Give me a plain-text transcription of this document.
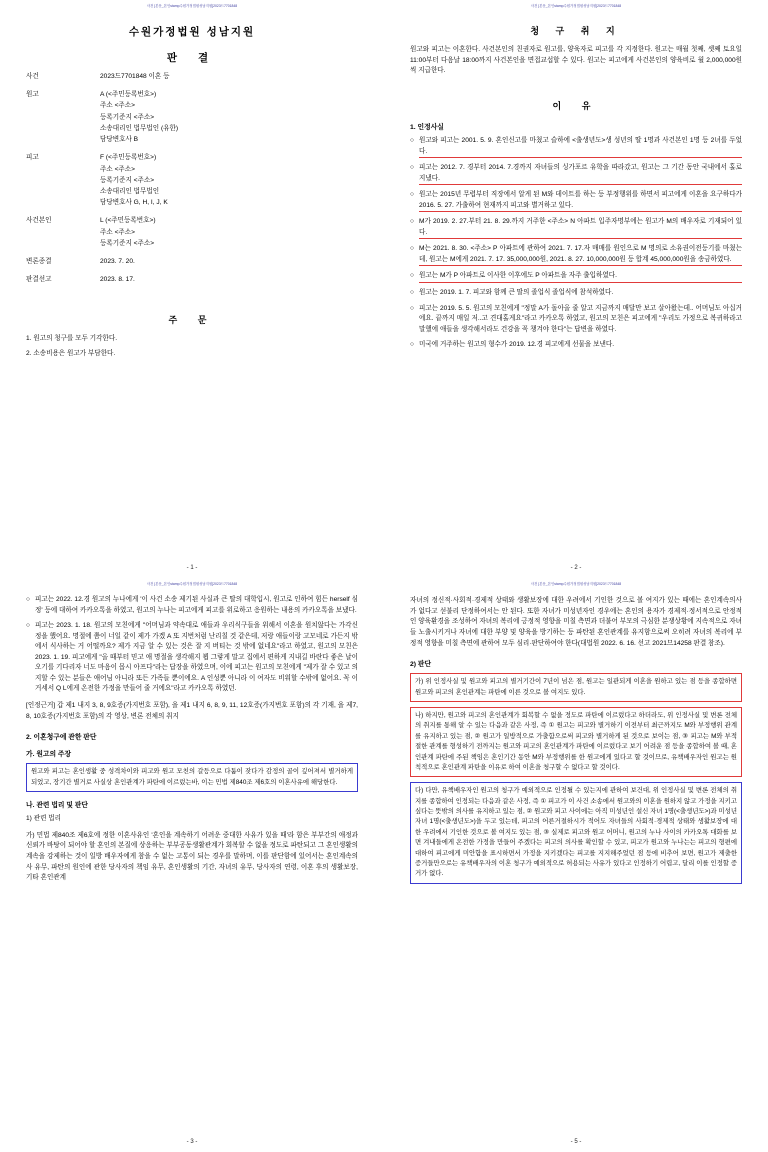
사건 [본문_본인stamp수원가정법원성남지원]2023드7701848
수원가정법원 성남지원
판 결
사건	2023드7701848 이혼 등
원고	A (<주민등록번호>)
주소 <주소>
등록기준지 <주소>
소송대리인 법무법인 (유한)
담당변호사 B
피고	F (<주민등록번호>)
주소 <주소>
등록기준지 <주소>
소송대리인 법무법인
담당변호사 G, H, I, J, K
사건본인	L (<주민등록번호>)
주소 <주소>
등록기준지 <주소>
변론종결	2023. 7. 20.
판결선고	2023. 8. 17.
주 문
1. 원고의 청구를 모두 기각한다.
2. 소송비용은 원고가 부담한다.
- 1 -
사건 [본문_본인stamp수원가정법원성남지원]2023드7701848
청 구 취 지
원고와 피고는 이혼한다. 사건본인의 친권자로 원고를, 양육자로 피고를 각 지정한다. 원고는 매월 첫째, 셋째 토요일 11:00부터 다음날 18:00까지 사건본인을 면접교섭할 수 있다. 원고는 피고에게 사건본인의 양육비로 월 2,000,000원씩 지급한다.
이 유
1. 인정사실
○ 원고와 피고는 2001. 5. 9. 혼인신고를 마쳤고 슬하에 <출생년도>생 성년의 딸 1명과 사건본인 1명 등 2녀를 두었다.
○ 피고는 2012. 7. 경부터 2014. 7.경까지 자녀들의 싱가포르 유학을 따라갔고, 원고는 그 기간 동안 국내에서 홀로 지냈다.
○ 원고는 2015년 무렵부터 직장에서 알게 된 M와 데이트를 하는 등 부정행위를 하면서 피고에게 이혼을 요구하다가 2016. 5. 27. 가출하여 현재까지 피고와 별거하고 있다.
○ M가 2019. 2. 27.부터 21. 8. 29.까지 거주한 <주소> N 아파트 입주자명부에는 원고가 M의 배우자로 기재되어 있다.
○ M는 2021. 8. 30. <주소> P 아파트에 관하여 2021. 7. 17.자 매매를 원인으로 M 명의로 소유권이전등기를 마쳤는데, 원고는 M에게 2021. 7. 17. 35,000,000원, 2021. 8. 27. 10,000,000원 등 합계 45,000,000원을 송금하였다.
○ 원고는 M가 P 아파트로 이사한 이후에도 P 아파트을 자주 출입하였다.
○ 원고는 2019. 1. 7. 피고와 함께 큰 딸의 졸업식 졸업식에 참석하였다.
○ 피고는 2019. 5. 5. 원고의 모친에게 "정말 A가 돌아올 줄 알고 지금까지 매달만 보고 살아왔는데.. 어머님도 아십거에요. 끝까지 매일 저..고 견대홀게요"라고 카카오톡 하였고, 원고의 모친은 피고에게 "우리도 가정으로 복귀하라고 말했에 애들을 생각해서라도 건강을 꼭 챙겨야 한다"는 답변을 하였다.
○ 미국에 거주하는 원고의 형수가 2019. 12.경 피고에게 선물을 보낸다.
- 2 -
사건 [본문_본인stamp수원가정법원성남지원]2023드7701848
○ 피고는 2022. 12.경 원고의 누나에게 '이 사건 소송 제기된 사실과 큰 딸의 대학입시, 원고로 인하여 힘든 herself 심정' 등에 대하여 카카오톡을 하였고, 원고의 누나는 피고에게 피고를 위로하고 응원하는 내용의 카카오톡을 보냈다.
○ 피고는 2023. 1. 18. 원고의 모친에게 "어머님과 약속대로 애들과 우리식구들을 위해서 이혼을 원치않다는 가각신정을 했어요. 명절에 쯤이 너일 같이 제가 가겠 A 또 지번처럼 난리칠 것 같은데, 저랑 애들이랑 고모네로 가든지 밖에서 식사하는 거 어떨까요? 제가 지금 알 수 있는 것은 잘 지 버티는 것 밖에 없네요"라고 하였고, 원고의 모친은 2023. 1. 19. 피고에게 "올 때부터 믿고 애 명절을 생각해지 뵙 그랗게 말고 집에서 편하게 지내길 바란다 좋은 날이 오기를 기다리자 너도 마음이 몹시 아프다"라는 답장을 하였으며, 이에 피고는 원고의 모친에게 "제가 잘 수 있고 의지할 수 있는 분들은 애어님 아니라 또든 가족들 뿐이에요. A 인성뿐 아니라 이 여자도 비워할 수밖에 없어요. 꼭 이거세서 Q L에게 온전한 가정을 만들어 줄 거에요"라고 카카오톡 하였던.
[인정근거] 갑 제1 내지 3, 8, 9호증(가지번호 포함), 을 제1 내지 6, 8, 9, 11, 12호증(가지번호 포함)의 각 기재, 을 제7, 8, 10호증(가지번호 포함)의 각 영상, 변론 전체의 취지
2. 이혼청구에 관한 판단
가. 원고의 주장
원고와 피고는 혼인생활 중 성격차이와 피고와 원고 모친의 갈등으로 다툼이 잦다가 감정의 골이 깊어져서 별거하게 되었고, 장기간 별거로 사실상 혼인관계가 파탄에 이르렀는바, 이는 민법 제840조 제6호의 이혼사유에 해당한다.
나. 관련 법리 및 판단
1) 관련 법리
가) 민법 제840조 제6호에 정한 이혼사유인 '혼인을 계속하기 어려운 중대한 사유가 있을 때'라 함은 부부간의 애정과 신뢰가 바탕이 되어야 할 혼인의 본질에 상응하는 부부공동생활관계가 회복할 수 없을 정도로 파탄되고 그 혼인생활의 계속을 강제하는 것이 일방 배우자에게 참을 수 없는 고통이 되는 경우를 말하며, 이를 판단함에 있어서는 혼인계속의사 유무, 파탄의 원인에 관한 당사자의 책임 유무, 혼인생활의 기간, 자녀의 유무, 당사자의 연령, 이혼 후의 생활보장, 기타 혼인관계
- 3 -
사건 [본문_본인stamp수원가정법원성남지원]2023드7701848
자녀의 정신적·사회적·경제적 상태와 생활보장에 대한 우려에서 기인한 것으로 볼 여지가 있는 때에는 혼인계속의사가 없다고 섣불리 단정하여서는 안 된다. 또한 자녀가 미성년자인 경우에는 혼인의 용자가 경제적·정서적으로 안정적인 양육환경을 조성하여 자녀의 복리에 긍정적 영향을 미칠 측면과 더불어 부모의 극심한 분쟁상황에 지속적으로 자녀들 노출시키거나 자녀에 대한 부양 및 양육을 방기하는 등 파탄된 혼인관계를 유지함으로써 오히려 자녀의 복리에 부정적 영향을 미칠 측면에 관하여 모두 심리·판단하여야 한다(대법원 2022. 6. 16. 선고 2021므14258 판결 참조).
2) 판단
가) 위 인정사실 및 원고와 피고의 별거기간이 7년이 넘은 점, 원고는 일관되게 이혼을 원하고 있는 점 등을 종합하면 원고와 피고의 혼인관계는 파탄에 이른 것으로 볼 여지도 있다.
나) 하지만, 원고와 피고의 혼인관계가 회복할 수 없을 정도로 파탄에 이르렀다고 하더라도, 위 인정사실 및 변론 전체의 취지를 통해 알 수 있는 다음과 같은 사정, 즉 ① 원고는 피고와 별거하기 이전부터 최근까지도 M와 부정행위 관계를 유지하고 있는 점, ② 원고가 일방적으로 가출함으로써 피고와 별거하게 된 것으로 보이는 점, ③ 피고는 M와 부적절한 관계를 형성하기 전까지는 원고와 피고의 혼인관계가 파탄에 이르렀다고 보기 어려운 점 등을 종합하여 볼 때, 혼인관계 파탄에 주된 책임은 혼인기간 동안 M와 부정행위를 한 원고에게 있다고 할 것이므로, 유책배우자인 원고는 원칙적으로 혼인관계 파탄을 이유로 하여 이혼을 청구할 수 없다고 할 것이다.
다) 다만, 유책배우자인 원고의 청구가 예외적으로 인정될 수 있는지에 관하여 보건대, 위 인정사실 및 변론 전체의 취지를 종합하여 인정되는 다음과 같은 사정, 즉 ① 피고가 이 사건 소송에서 원고와의 이혼을 원하지 않고 가정을 지키고 싶다는 뜻밖의 의사를 유지하고 있는 점, ② 원고와 피고 사이에는 아직 미성년인 설신 자녀 1명(<출생년도>)과 미성년 자녀 1명(<출생년도>)을 두고 있는데, 피고의 어른거절하시가 적어도 자녀들의 사회적·경제적 상태와 생활보장에 대한 우려에서 기인한 것으로 볼 여지도 있는 점, ③ 실제로 피고와 원고 어머니, 원고의 누나 사이의 카카오톡 대화를 보면 겨내들에게 온전한 가정을 만들어 주겠다는 피고의 의사를 확인할 수 있고, 피고가 원고와 누나는는 피고의 형편에 대하여 피고에게 미안함을 표시하면서 가정을 지키겠다는 피고를 지지해주었던 점 등에 비추어 보면, 원고가 제출한 증거들만으로는 유책배우자의 이혼 청구가 예외적으로 허용되는 사유가 있다고 인정하기 어렵고, 달리 이를 인정할 증거가 없다.
- 5 -
